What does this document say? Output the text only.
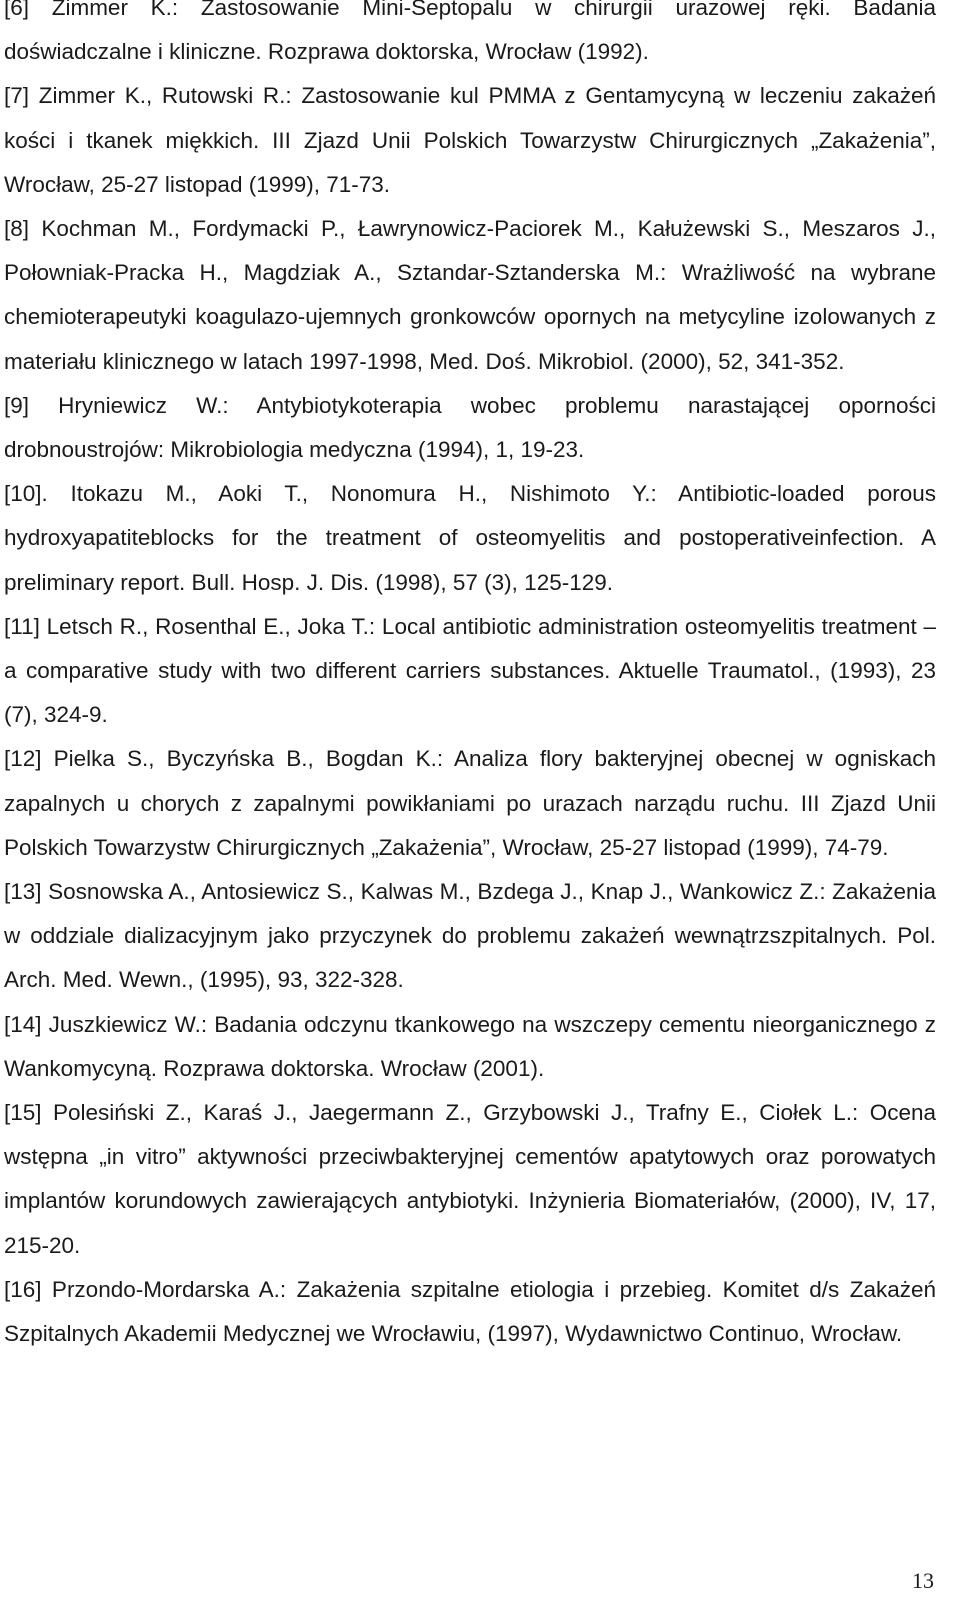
[6] Zimmer K.: Zastosowanie Mini-Septopalu w chirurgii urazowej ręki. Badania doświadczalne i kliniczne. Rozprawa doktorska, Wrocław (1992).
[7] Zimmer K., Rutowski R.: Zastosowanie kul PMMA z Gentamycyną w leczeniu zakażeń kości i tkanek miękkich. III Zjazd Unii Polskich Towarzystw Chirurgicznych „Zakażenia”, Wrocław, 25-27 listopad (1999), 71-73.
[8] Kochman M., Fordymacki P., Ławrynowicz-Paciorek M., Kałużewski S., Meszaros J., Połowniak-Pracka H., Magdziak A., Sztandar-Sztanderska M.: Wrażliwość na wybrane chemioterapeutyki koagulazo-ujemnych gronkowców opornych na metycyline izolowanych z materiału klinicznego w latach 1997-1998, Med. Doś. Mikrobiol. (2000), 52, 341-352.
[9] Hryniewicz W.: Antybiotykoterapia wobec problemu narastającej oporności drobnoustrojów: Mikrobiologia medyczna (1994), 1, 19-23.
[10]. Itokazu M., Aoki T., Nonomura H., Nishimoto Y.: Antibiotic-loaded porous hydroxyapatiteblocks for the treatment of osteomyelitis and postoperativeinfection. A preliminary report. Bull. Hosp. J. Dis. (1998), 57 (3), 125-129.
[11] Letsch R., Rosenthal E., Joka T.: Local antibiotic administration osteomyelitis treatment – a comparative study with two different carriers substances. Aktuelle Traumatol., (1993), 23 (7), 324-9.
[12] Pielka S., Byczyńska B., Bogdan K.: Analiza flory bakteryjnej obecnej w ogniskach zapalnych u chorych z zapalnymi powikłaniami po urazach narządu ruchu. III Zjazd Unii Polskich Towarzystw Chirurgicznych „Zakażenia”, Wrocław, 25-27 listopad (1999), 74-79.
[13] Sosnowska A., Antosiewicz S., Kalwas M., Bzdega J., Knap J., Wankowicz Z.: Zakażenia w oddziale dializacyjnym jako przyczynek do problemu zakażeń wewnątrzszpitalnych. Pol. Arch. Med. Wewn., (1995), 93, 322-328.
[14] Juszkiewicz W.: Badania odczynu tkankowego na wszczepy cementu nieorganicznego z Wankomycyną. Rozprawa doktorska. Wrocław (2001).
[15] Polesiński Z., Karaś J., Jaegermann Z., Grzybowski J., Trafny E., Ciołek L.: Ocena wstępna „in vitro” aktywności przeciwbakteryjnej cementów apatytowych oraz porowatych implantów korundowych zawierających antybiotyki. Inżynieria Biomateriałów, (2000), IV, 17, 215-20.
[16] Przondo-Mordarska A.: Zakażenia szpitalne etiologia i przebieg. Komitet d/s Zakażeń Szpitalnych Akademii Medycznej we Wrocławiu, (1997), Wydawnictwo Continuo, Wrocław.
13
